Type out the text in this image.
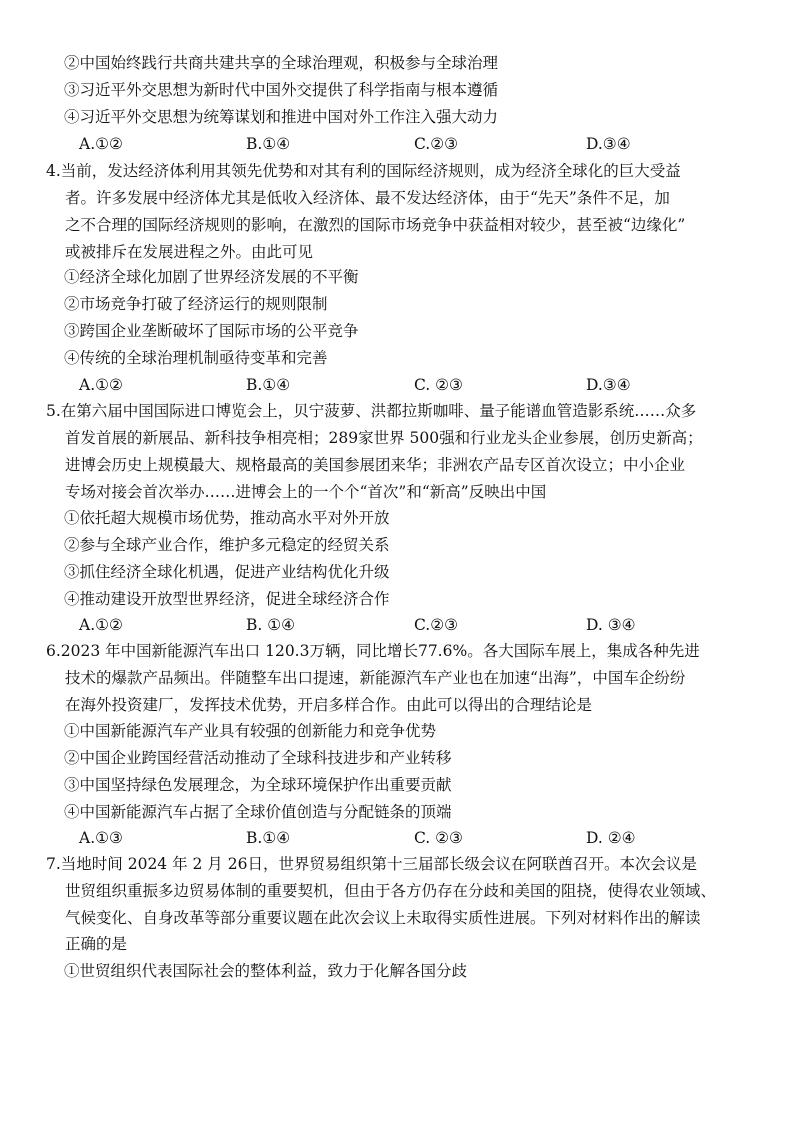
②中国始终践行共商共建共享的全球治理观，积极参与全球治理
③习近平外交思想为新时代中国外交提供了科学指南与根本遵循
④习近平外交思想为统筹谋划和推进中国对外工作注入强大动力
A.①②	B.①④	C.②③	D.③④
4.当前，发达经济体利用其领先优势和对其有利的国际经济规则，成为经济全球化的巨大受益
者。许多发展中经济体尤其是低收入经济体、最不发达经济体，由于“先天”条件不足，加
之不合理的国际经济规则的影响，在激烈的国际市场竞争中获益相对较少，甚至被“边缘化”
或被排斥在发展进程之外。由此可见
①经济全球化加剧了世界经济发展的不平衡
②市场竞争打破了经济运行的规则限制
③跨国企业垄断破坏了国际市场的公平竞争
④传统的全球治理机制亟待变革和完善
A.①②	B.①④	C. ②③	D.③④
5.在第六届中国国际进口博览会上，贝宁菠萝、洪都拉斯咖啡、量子能谱血管造影系统……众多
首发首展的新展品、新科技争相亮相；289家世界 500强和行业龙头企业参展，创历史新高；
进博会历史上规模最大、规格最高的美国参展团来华；非洲农产品专区首次设立；中小企业
专场对接会首次举办……进博会上的一个个“首次”和“新高”反映出中国
①依托超大规模市场优势，推动高水平对外开放
②参与全球产业合作，维护多元稳定的经贸关系
③抓住经济全球化机遇，促进产业结构优化升级
④推动建设开放型世界经济，促进全球经济合作
A.①②	B. ①④	C.②③	D. ③④
6.2023 年中国新能源汽车出口 120.3万辆，同比增长77.6%。各大国际车展上，集成各种先进
技术的爆款产品频出。伴随整车出口提速，新能源汽车产业也在加速“出海”，中国车企纷纷
在海外投资建厂，发挥技术优势，开启多样合作。由此可以得出的合理结论是
①中国新能源汽车产业具有较强的创新能力和竞争优势
②中国企业跨国经营活动推动了全球科技进步和产业转移
③中国坚持绿色发展理念，为全球环境保护作出重要贡献
④中国新能源汽车占据了全球价值创造与分配链条的顶端
A.①③	B.①④	C. ②③	D. ②④
7.当地时间 2024 年 2 月 26日，世界贸易组织第十三届部长级会议在阿联酋召开。本次会议是
世贸组织重振多边贸易体制的重要契机，但由于各方仍存在分歧和美国的阻挠，使得农业领域、
气候变化、自身改革等部分重要议题在此次会议上未取得实质性进展。下列对材料作出的解读
正确的是
①世贸组织代表国际社会的整体利益，致力于化解各国分歧
